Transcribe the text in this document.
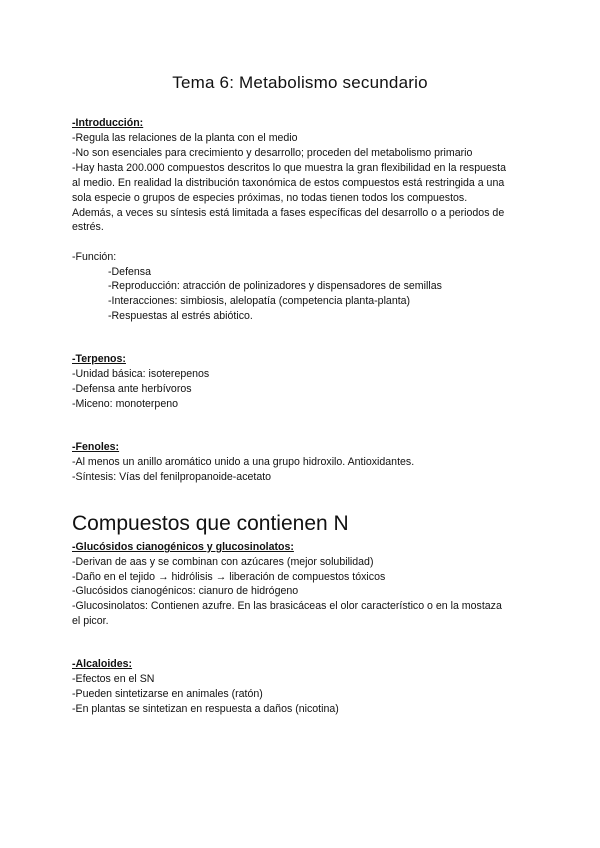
Tema 6: Metabolismo secundario
-Introducción:
-Regula las relaciones de la planta con el medio
-No son esenciales para crecimiento y desarrollo; proceden del metabolismo primario
-Hay hasta 200.000 compuestos descritos lo que muestra la gran flexibilidad en la respuesta
al medio. En realidad la distribución taxonómica de estos compuestos está restringida a una
sola especie o grupos de especies próximas, no todas tienen todos los compuestos.
Además, a veces su síntesis está limitada a fases específicas del desarrollo o a periodos de
estrés.
-Función:
-Defensa
-Reproducción: atracción de polinizadores y dispensadores de semillas
-Interacciones: simbiosis, alelopatía (competencia planta-planta)
-Respuestas al estrés abiótico.
-Terpenos:
-Unidad básica: isoterepenos
-Defensa ante herbívoros
-Miceno: monoterpeno
-Fenoles:
-Al menos un anillo aromático unido a una grupo hidroxilo. Antioxidantes.
-Síntesis: Vías del fenilpropanoide-acetato
Compuestos que contienen N
-Glucósidos cianogénicos y glucosinolatos:
-Derivan de aas y se combinan con azúcares (mejor solubilidad)
-Daño en el tejido → hidrólisis → liberación de compuestos tóxicos
-Glucósidos cianogénicos: cianuro de hidrógeno
-Glucosinolatos: Contienen azufre. En las brasicáceas el olor característico o en la mostaza
el picor.
-Alcaloides:
-Efectos en el SN
-Pueden sintetizarse en animales (ratón)
-En plantas se sintetizan en respuesta a daños (nicotina)
